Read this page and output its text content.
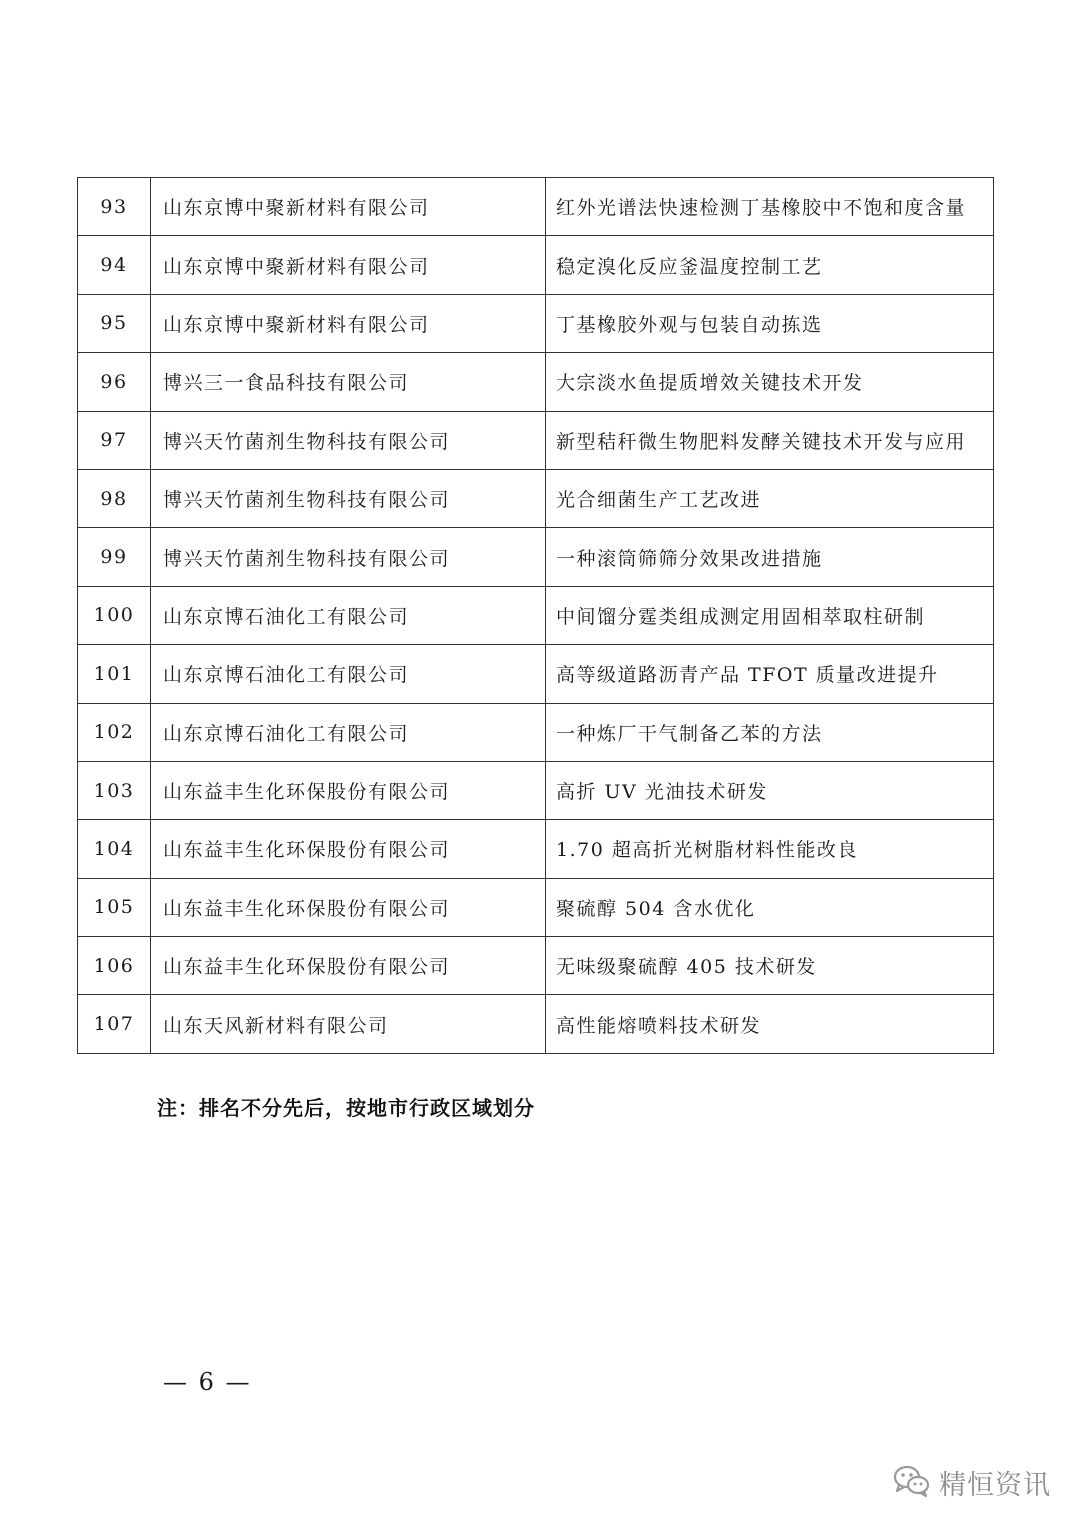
93	山东京博中聚新材料有限公司	红外光谱法快速检测丁基橡胶中不饱和度含量
94	山东京博中聚新材料有限公司	稳定溴化反应釜温度控制工艺
95	山东京博中聚新材料有限公司	丁基橡胶外观与包装自动拣选
96	博兴三一食品科技有限公司	大宗淡水鱼提质增效关键技术开发
97	博兴天竹菌剂生物科技有限公司	新型秸秆微生物肥料发酵关键技术开发与应用
98	博兴天竹菌剂生物科技有限公司	光合细菌生产工艺改进
99	博兴天竹菌剂生物科技有限公司	一种滚筒筛筛分效果改进措施
100	山东京博石油化工有限公司	中间馏分霆类组成测定用固相萃取柱研制
101	山东京博石油化工有限公司	高等级道路沥青产品 TFOT 质量改进提升
102	山东京博石油化工有限公司	一种炼厂干气制备乙苯的方法
103	山东益丰生化环保股份有限公司	高折 UV 光油技术研发
104	山东益丰生化环保股份有限公司	1.70 超高折光树脂材料性能改良
105	山东益丰生化环保股份有限公司	聚硫醇 504 含水优化
106	山东益丰生化环保股份有限公司	无味级聚硫醇 405 技术研发
107	山东天风新材料有限公司	高性能熔喷料技术研发
注：排名不分先后，按地市行政区域划分
— 6 —
精恒资讯
